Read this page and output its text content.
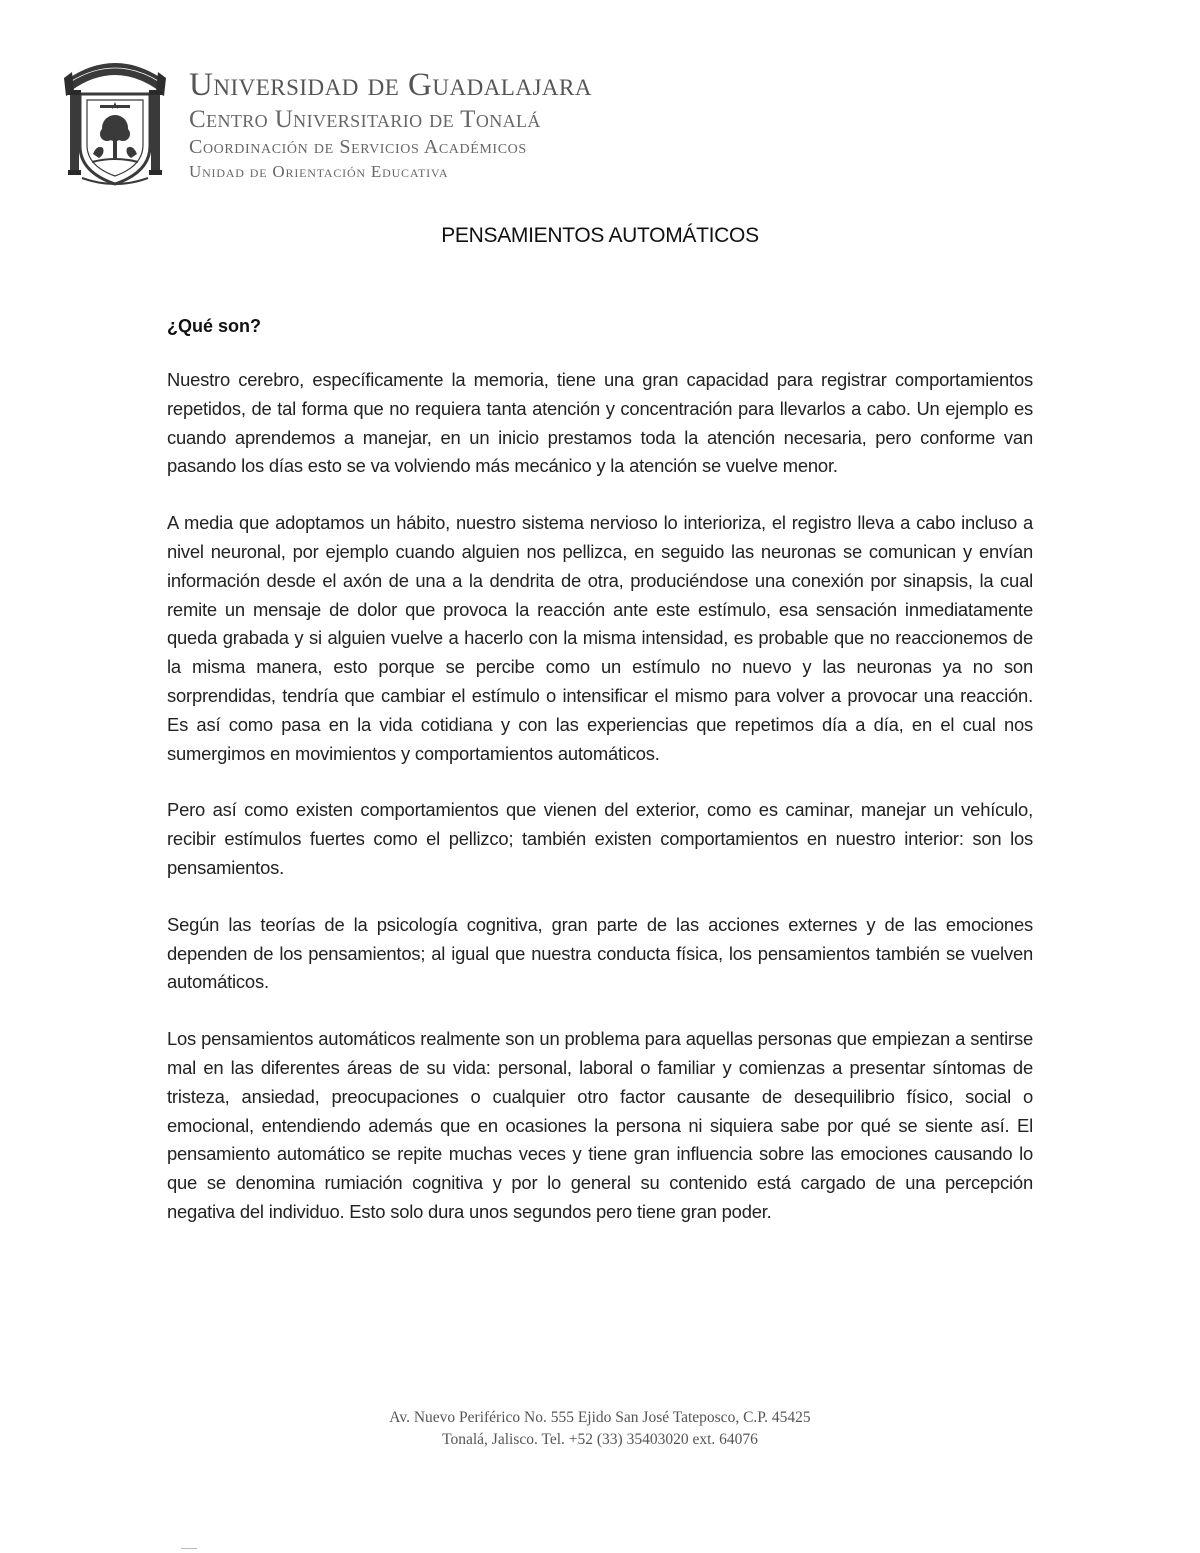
Universidad de Guadalajara
Centro Universitario de Tonalá
Coordinación de Servicios Académicos
Unidad de Orientación Educativa
PENSAMIENTOS AUTOMÁTICOS
¿Qué son?

Nuestro cerebro, específicamente la memoria, tiene una gran capacidad para registrar comportamientos repetidos, de tal forma que no requiera tanta atención y concentración para llevarlos a cabo. Un ejemplo es cuando aprendemos a manejar, en un inicio prestamos toda la atención necesaria, pero conforme van pasando los días esto se va volviendo más mecánico y la atención se vuelve menor.

A media que adoptamos un hábito, nuestro sistema nervioso lo interioriza, el registro lleva a cabo incluso a nivel neuronal, por ejemplo cuando alguien nos pellizca, en seguido las neuronas se comunican y envían información desde el axón de una a la dendrita de otra, produciéndose una conexión por sinapsis, la cual remite un mensaje de dolor que provoca la reacción ante este estímulo, esa sensación inmediatamente queda grabada y si alguien vuelve a hacerlo con la misma intensidad, es probable que no reaccionemos de la misma manera, esto porque se percibe como un estímulo no nuevo y las neuronas ya no son sorprendidas, tendría que cambiar el estímulo o intensificar el mismo para volver a provocar una reacción. Es así como pasa en la vida cotidiana y con las experiencias que repetimos día a día, en el cual nos sumergimos en movimientos y comportamientos automáticos.

Pero así como existen comportamientos que vienen del exterior, como es caminar, manejar un vehículo, recibir estímulos fuertes como el pellizco; también existen comportamientos en nuestro interior: son los pensamientos.

Según las teorías de la psicología cognitiva, gran parte de las acciones externes y de las emociones dependen de los pensamientos; al igual que nuestra conducta física, los pensamientos también se vuelven automáticos.

Los pensamientos automáticos realmente son un problema para aquellas personas que empiezan a sentirse mal en las diferentes áreas de su vida: personal, laboral o familiar y comienzas a presentar síntomas de tristeza, ansiedad, preocupaciones o cualquier otro factor causante de desequilibrio físico, social o emocional, entendiendo además que en ocasiones la persona ni siquiera sabe por qué se siente así. El pensamiento automático se repite muchas veces y tiene gran influencia sobre las emociones causando lo que se denomina rumiación cognitiva y por lo general su contenido está cargado de una percepción negativa del individuo. Esto solo dura unos segundos pero tiene gran poder.

Av. Nuevo Periférico No. 555 Ejido San José Tateposco, C.P. 45425
Tonalá, Jalisco. Tel. +52 (33) 35403020 ext. 64076
